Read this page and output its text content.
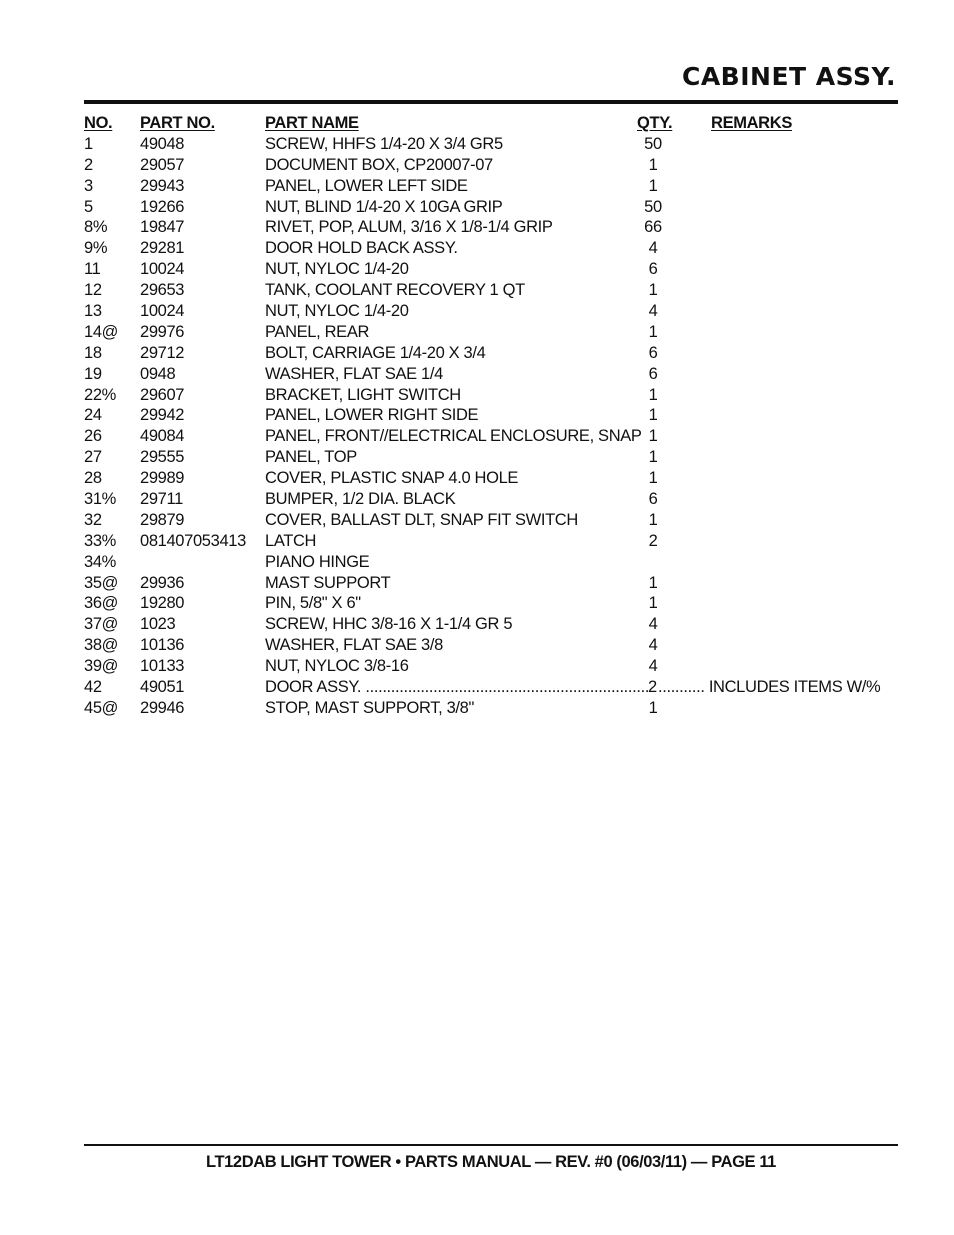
CABINET ASSY.
NO. PART NO.	PART NAME	QTY. REMARKS
1	49048	SCREW, HHFS 1/4-20 X 3/4 GR5	50
2	29057	DOCUMENT BOX, CP20007-07	1
3	29943	PANEL, LOWER LEFT SIDE	1
5	19266	NUT, BLIND 1/4-20 X 10GA GRIP	50
8% 19847	RIVET, POP, ALUM, 3/16 X 1/8-1/4 GRIP	66
9% 29281	DOOR HOLD BACK ASSY.	4
11 10024	NUT, NYLOC 1/4-20	6
12 29653	TANK, COOLANT RECOVERY 1 QT	1
13 10024	NUT, NYLOC 1/4-20	4
14@ 29976	PANEL, REAR	1
18 29712	BOLT, CARRIAGE 1/4-20 X 3/4	6
19 0948	WASHER, FLAT SAE 1/4	6
22% 29607	BRACKET, LIGHT SWITCH	1
24 29942	PANEL, LOWER RIGHT SIDE	1
26 49084	PANEL, FRONT//ELECTRICAL ENCLOSURE, SNAP 1
27 29555	PANEL, TOP	1
28 29989	COVER, PLASTIC SNAP 4.0 HOLE	1
31% 29711	BUMPER, 1/2 DIA. BLACK	6
32 29879	COVER, BALLAST DLT, SNAP FIT SWITCH	1
33% 081407053413 LATCH	2
34%	PIANO HINGE
35@ 29936	MAST SUPPORT	1
36@ 19280	PIN, 5/8" X 6"	1
37@ 1023	SCREW, HHC 3/8-16 X 1-1/4 GR 5	4
38@ 10136	WASHER, FLAT SAE 3/8	4
39@ 10133	NUT, NYLOC 3/8-16	4
42 49051	DOOR ASSY. .....	2
.....	INCLUDES ITEMS W/%
45@ 29946	STOP, MAST SUPPORT, 3/8"	1
LT12DAB LIGHT TOWER • PARTS MANUAL — REV. #0 (06/03/11) — PAGE 11
